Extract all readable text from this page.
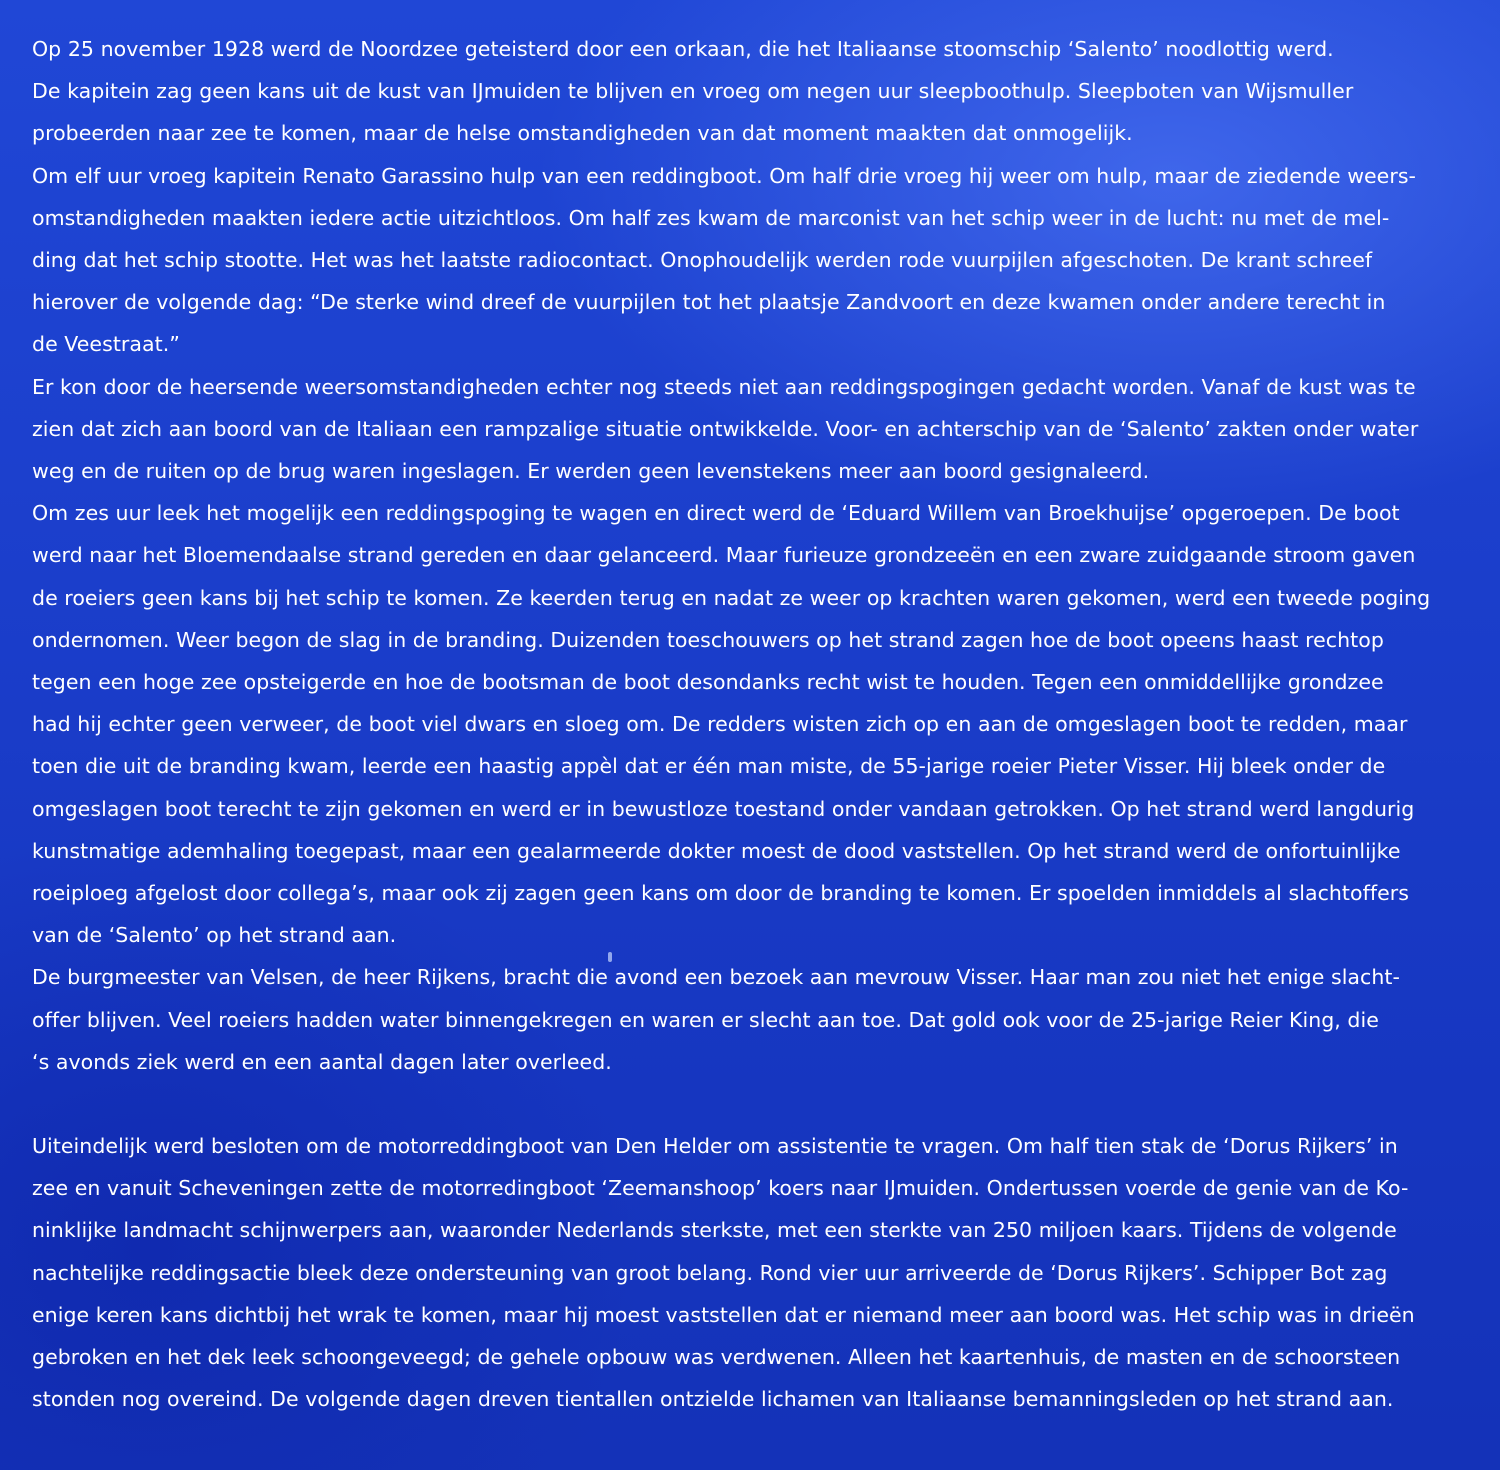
Op 25 november 1928 werd de Noordzee geteisterd door een orkaan, die het Italiaanse stoomschip ‘Salento’ noodlottig werd.

De kapitein zag geen kans uit de kust van IJmuiden te blijven en vroeg om negen uur sleepboothulp. Sleepboten van Wijsmuller

probeerden naar zee te komen, maar de helse omstandigheden van dat moment maakten dat onmogelijk.

Om elf uur vroeg kapitein Renato Garassino hulp van een reddingboot. Om half drie vroeg hij weer om hulp, maar de ziedende weers-

omstandigheden maakten iedere actie uitzichtloos. Om half zes kwam de marconist van het schip weer in de lucht: nu met de mel-

ding dat het schip stootte. Het was het laatste radiocontact. Onophoudelijk werden rode vuurpijlen afgeschoten. De krant schreef

hierover de volgende dag: “De sterke wind dreef de vuurpijlen tot het plaatsje Zandvoort en deze kwamen onder andere terecht in

de Veestraat.”

Er kon door de heersende weersomstandigheden echter nog steeds niet aan reddingspogingen gedacht worden. Vanaf de kust was te

zien dat zich aan boord van de Italiaan een rampzalige situatie ontwikkelde. Voor- en achterschip van de ‘Salento’ zakten onder water

weg en de ruiten op de brug waren ingeslagen. Er werden geen levenstekens meer aan boord gesignaleerd.

Om zes uur leek het mogelijk een reddingspoging te wagen en direct werd de ‘Eduard Willem van Broekhuijse’ opgeroepen. De boot

werd naar het Bloemendaalse strand gereden en daar gelanceerd. Maar furieuze grondzeeën en een zware zuidgaande stroom gaven

de roeiers geen kans bij het schip te komen. Ze keerden terug en nadat ze weer op krachten waren gekomen, werd een tweede poging

ondernomen. Weer begon de slag in de branding. Duizenden toeschouwers op het strand zagen hoe de boot opeens haast rechtop

tegen een hoge zee opsteigerde en hoe de bootsman de boot desondanks recht wist te houden. Tegen een onmiddellijke grondzee

had hij echter geen verweer, de boot viel dwars en sloeg om. De redders wisten zich op en aan de omgeslagen boot te redden, maar

toen die uit de branding kwam, leerde een haastig appèl dat er één man miste, de 55-jarige roeier Pieter Visser. Hij bleek onder de

omgeslagen boot terecht te zijn gekomen en werd er in bewustloze toestand onder vandaan getrokken. Op het strand werd langdurig

kunstmatige ademhaling toegepast, maar een gealarmeerde dokter moest de dood vaststellen. Op het strand werd de onfortuinlijke

roeiploeg afgelost door collega’s, maar ook zij zagen geen kans om door de branding te komen. Er spoelden inmiddels al slachtoffers

van de ‘Salento’ op het strand aan.

De burgmeester van Velsen, de heer Rijkens, bracht die avond een bezoek aan mevrouw Visser. Haar man zou niet het enige slacht-

offer blijven. Veel roeiers hadden water binnengekregen en waren er slecht aan toe. Dat gold ook voor de 25-jarige Reier King, die

‘s avonds ziek werd en een aantal dagen later overleed.

Uiteindelijk werd besloten om de motorreddingboot van Den Helder om assistentie te vragen. Om half tien stak de ‘Dorus Rijkers’ in

zee en vanuit Scheveningen zette de motorredingboot ‘Zeemanshoop’ koers naar IJmuiden. Ondertussen voerde de genie van de Ko-

ninklijke landmacht schijnwerpers aan, waaronder Nederlands sterkste, met een sterkte van 250 miljoen kaars. Tijdens de volgende

nachtelijke reddingsactie bleek deze ondersteuning van groot belang. Rond vier uur arriveerde de ‘Dorus Rijkers’. Schipper Bot zag

enige keren kans dichtbij het wrak te komen, maar hij moest vaststellen dat er niemand meer aan boord was. Het schip was in drieën

gebroken en het dek leek schoongeveegd; de gehele opbouw was verdwenen. Alleen het kaartenhuis, de masten en de schoorsteen

stonden nog overeind. De volgende dagen dreven tientallen ontzielde lichamen van Italiaanse bemanningsleden op het strand aan.
